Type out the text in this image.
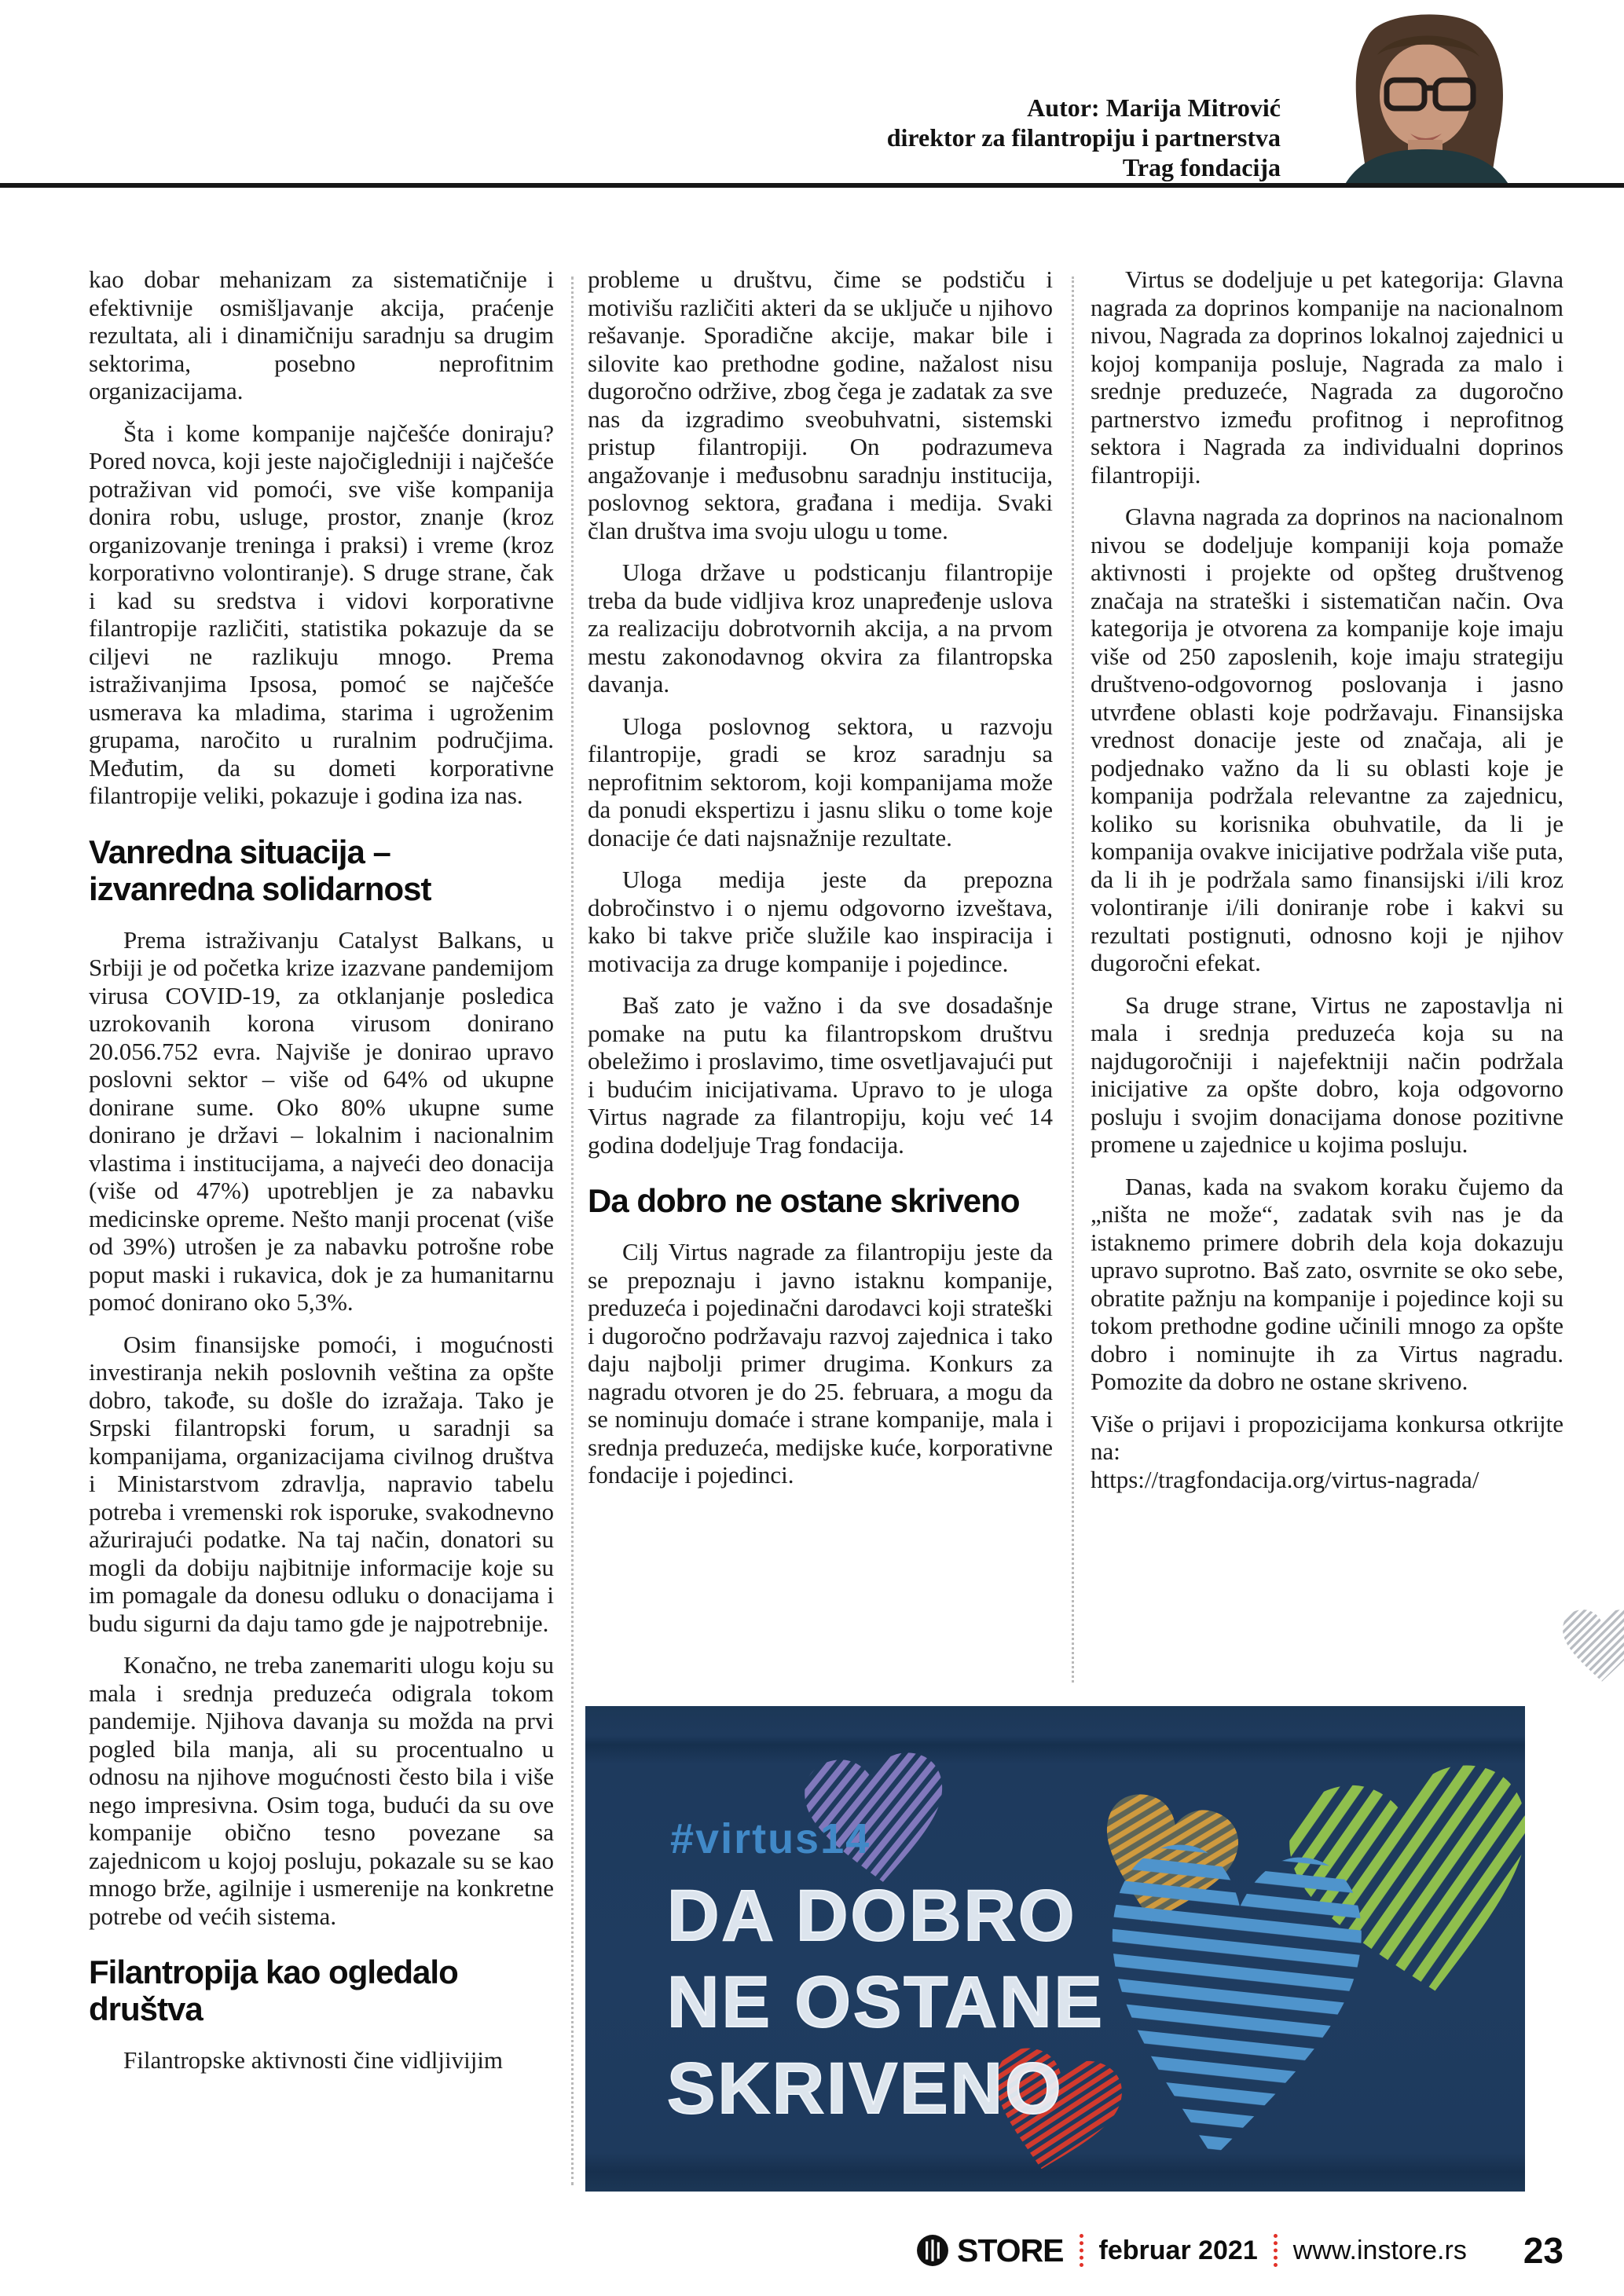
Autor: Marija Mitrović
direktor za filantropiju i partnerstva
Trag fondacija

kao dobar mehanizam za sistematičnije i efektivnije osmišljavanje akcija, praćenje rezultata, ali i dinamičniju saradnju sa drugim sektorima, posebno neprofitnim organizacijama.

Šta i kome kompanije najčešće doniraju? Pored novca, koji jeste najočigledniji i najčešće potraživan vid pomoći, sve više kompanija donira robu, usluge, prostor, znanje (kroz organizovanje treninga i praksi) i vreme (kroz korporativno volontiranje). S druge strane, čak i kad su sredstva i vidovi korporativne filantropije različiti, statistika pokazuje da se ciljevi ne razlikuju mnogo. Prema istraživanjima Ipsosa, pomoć se najčešće usmerava ka mladima, starima i ugroženim grupama, naročito u ruralnim područjima. Međutim, da su dometi korporativne filantropije veliki, pokazuje i godina iza nas.

Vanredna situacija – izvanredna solidarnost

Prema istraživanju Catalyst Balkans, u Srbiji je od početka krize izazvane pandemijom virusa COVID-19, za otklanjanje posledica uzrokovanih korona virusom donirano 20.056.752 evra. Najviše je donirao upravo poslovni sektor – više od 64% od ukupne donirane sume. Oko 80% ukupne sume donirano je državi – lokalnim i nacionalnim vlastima i institucijama, a najveći deo donacija (više od 47%) upotrebljen je za nabavku medicinske opreme. Nešto manji procenat (više od 39%) utrošen je za nabavku potrošne robe poput maski i rukavica, dok je za humanitarnu pomoć donirano oko 5,3%.

Osim finansijske pomoći, i mogućnosti investiranja nekih poslovnih veština za opšte dobro, takođe, su došle do izražaja. Tako je Srpski filantropski forum, u saradnji sa kompanijama, organizacijama civilnog društva i Ministarstvom zdravlja, napravio tabelu potreba i vremenski rok isporuke, svakodnevno ažurirajući podatke. Na taj način, donatori su mogli da dobiju najbitnije informacije koje su im pomagale da donesu odluku o donacijama i budu sigurni da daju tamo gde je najpotrebnije.

Konačno, ne treba zanemariti ulogu koju su mala i srednja preduzeća odigrala tokom pandemije. Njihova davanja su možda na prvi pogled bila manja, ali su procentualno u odnosu na njihove mogućnosti često bila i više nego impresivna. Osim toga, budući da su ove kompanije obično tesno povezane sa zajednicom u kojoj posluju, pokazale su se kao mnogo brže, agilnije i usmerenije na konkretne potrebe od većih sistema.

Filantropija kao ogledalo društva

Filantropske aktivnosti čine vidljivijim

probleme u društvu, čime se podstiču i motivišu različiti akteri da se uključe u njihovo rešavanje. Sporadične akcije, makar bile i silovite kao prethodne godine, nažalost nisu dugoročno održive, zbog čega je zadatak za sve nas da izgradimo sveobuhvatni, sistemski pristup filantropiji. On podrazumeva angažovanje i međusobnu saradnju institucija, poslovnog sektora, građana i medija. Svaki član društva ima svoju ulogu u tome.

Uloga države u podsticanju filantropije treba da bude vidljiva kroz unapređenje uslova za realizaciju dobrotvornih akcija, a na prvom mestu zakonodavnog okvira za filantropska davanja.

Uloga poslovnog sektora, u razvoju filantropije, gradi se kroz saradnju sa neprofitnim sektorom, koji kompanijama može da ponudi ekspertizu i jasnu sliku o tome koje donacije će dati najsnažnije rezultate.

Uloga medija jeste da prepozna dobročinstvo i o njemu odgovorno izveštava, kako bi takve priče služile kao inspiracija i motivacija za druge kompanije i pojedince.

Baš zato je važno i da sve dosadašnje pomake na putu ka filantropskom društvu obeležimo i proslavimo, time osvetljavajući put i budućim inicijativama. Upravo to je uloga Virtus nagrade za filantropiju, koju već 14 godina dodeljuje Trag fondacija.

Da dobro ne ostane skriveno

Cilj Virtus nagrade za filantropiju jeste da se prepoznaju i javno istaknu kompanije, preduzeća i pojedinačni darodavci koji strateški i dugoročno podržavaju razvoj zajednica i tako daju najbolji primer drugima. Konkurs za nagradu otvoren je do 25. februara, a mogu da se nominuju domaće i strane kompanije, mala i srednja preduzeća, medijske kuće, korporativne fondacije i pojedinci.

Virtus se dodeljuje u pet kategorija: Glavna nagrada za doprinos kompanije na nacionalnom nivou, Nagrada za doprinos lokalnoj zajednici u kojoj kompanija posluje, Nagrada za malo i srednje preduzeće, Nagrada za dugoročno partnerstvo između profitnog i neprofitnog sektora i Nagrada za individualni doprinos filantropiji.

Glavna nagrada za doprinos na nacionalnom nivou se dodeljuje kompaniji koja pomaže aktivnosti i projekte od opšteg društvenog značaja na strateški i sistematičan način. Ova kategorija je otvorena za kompanije koje imaju više od 250 zaposlenih, koje imaju strategiju društveno-odgovornog poslovanja i jasno utvrđene oblasti koje podržavaju. Finansijska vrednost donacije jeste od značaja, ali je podjednako važno da li su oblasti koje je kompanija podržala relevantne za zajednicu, koliko su korisnika obuhvatile, da li je kompanija ovakve inicijative podržala više puta, da li ih je podržala samo finansijski i/ili kroz volontiranje i/ili doniranje robe i kakvi su rezultati postignuti, odnosno koji je njihov dugoročni efekat.

Sa druge strane, Virtus ne zapostavlja ni mala i srednja preduzeća koja su na najdugoročniji i najefektniji način podržala inicijative za opšte dobro, koja odgovorno posluju i svojim donacijama donose pozitivne promene u zajednice u kojima posluju.

Danas, kada na svakom koraku čujemo da „ništa ne može“, zadatak svih nas je da istaknemo primere dobrih dela koja dokazuju upravo suprotno. Baš zato, osvrnite se oko sebe, obratite pažnju na kompanije i pojedince koji su tokom prethodne godine učinili mnogo za opšte dobro i nominujte ih za Virtus nagradu. Pomozite da dobro ne ostane skriveno.

Više o prijavi i propozicijama konkursa otkrijte na:

https://tragfondacija.org/virtus-nagrada/

#virtus14
DA DOBRO
NE OSTANE
SKRIVENO
STORE februar 2021 www.instore.rs 23
